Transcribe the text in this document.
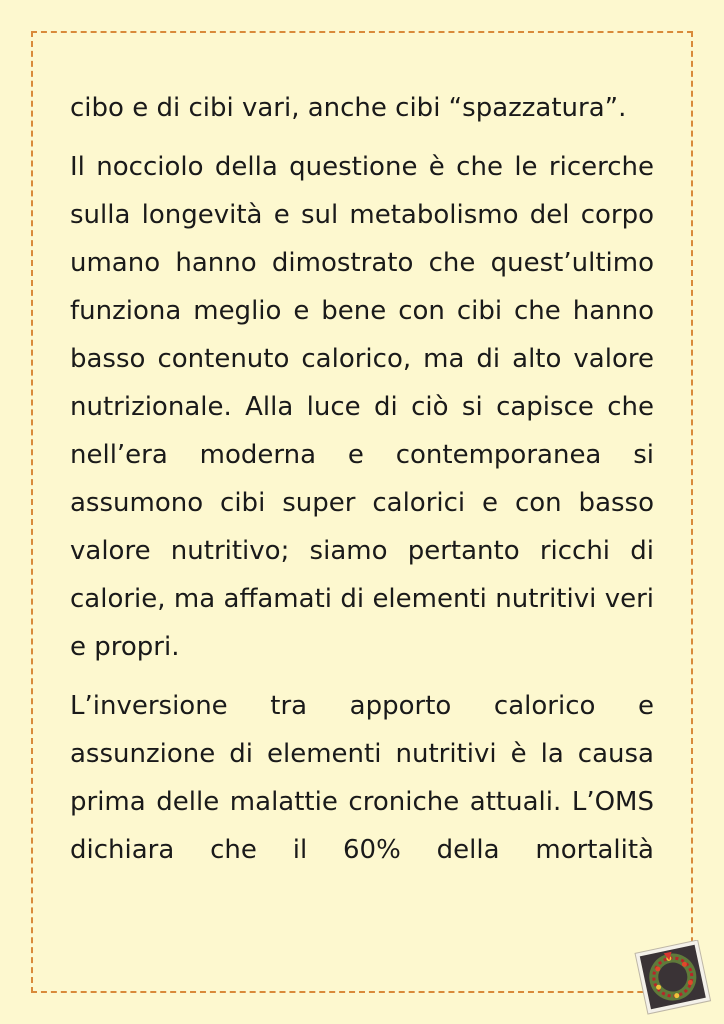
cibo e di cibi vari, anche cibi “spazzatura”.

Il nocciolo della questione è che le ricerche sulla longevità e sul metabolismo del corpo umano hanno dimostrato che quest’ultimo funziona meglio e bene con cibi che hanno basso contenuto calorico, ma di alto valore nutrizionale. Alla luce di ciò si capisce che nell’era moderna e contemporanea si assumono cibi super calorici e con basso valore nutritivo; siamo pertanto ricchi di calorie, ma affamati di elementi nutritivi veri e propri.

L’inversione tra apporto calorico e assunzione di elementi nutritivi è la causa prima delle malattie croniche attuali. L’OMS dichiara che il 60% della mortalità
